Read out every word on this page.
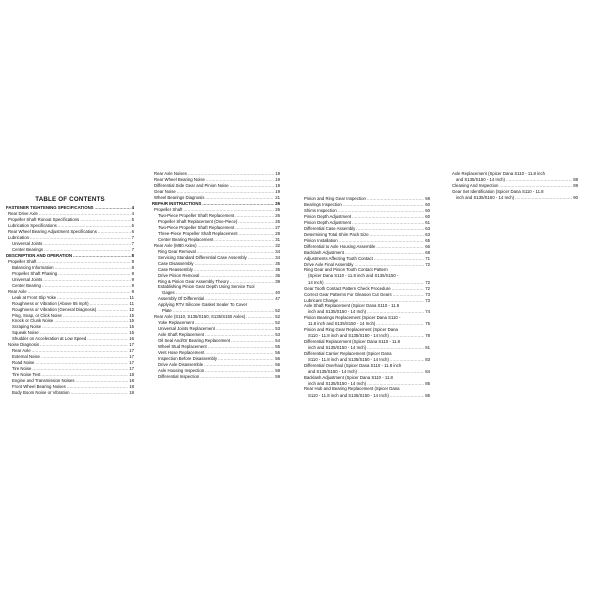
TABLE OF CONTENTS
FASTENER TIGHTENING SPECIFICATIONS .....	4
Rear Drive Axle .....	4
Propeller Shaft Runout Specifications .....	5
Lubrication Specifications .....	6
Rear Wheel Bearing Adjustment Specifications .....	6
Lubrication .....	7
Universal Joints .....	7
Center Bearings .....	7
DESCRIPTION AND OPERATION .....	8
Propeller Shaft .....	8
Balancing Information .....	8
Propeller Shaft Phasing .....	8
Universal Joints .....	9
Center Bearing .....	9
Rear Axle .....	9
Leak at Front Slip Yoke .....	11
Roughness or Vibration (Above 55 mph) .....	11
Roughness or Vibration (General Diagnosis) .....	12
Ping, Snap, or Click Noise .....	15
Knock or Clunk Noise .....	15
Scraping Noise .....	15
Squeak Noise .....	15
Shudder on Acceleration at Low Speed .....	16
Noise Diagnosis .....	17
Rear Axle .....	17
External Noise .....	17
Road Noise .....	17
Tire Noise .....	17
Tire Noise Test .....	18
Engine and Transmission Noises .....	18
Front Wheel Bearing Noises .....	18
Body Boom Noise or Vibration .....	18
Rear Axle Noises .....	19
Rear Wheel Bearing Noise .....	19
Differential Side Gear and Pinion Noise .....	19
Gear Noise .....	19
Wheel Bearings Diagnosis .....	21
REPAIR INSTRUCTIONS .....	26
Propeller Shaft .....	26
Two-Piece Propeller Shaft Replacement .....	26
Propeller Shaft Replacement (One-Piece) .....	26
Two-Piece Propeller Shaft Replacement .....	27
Three-Piece Propeller Shaft Replacement .....	28
Center Bearing Replacement .....	31
Rear Axle (M80 Axles) .....	32
Ring Gear Removal .....	34
Servicing Standard Differential Case Assembly .....	34
Case Disassembly .....	35
Case Reassembly .....	35
Drive Pinion Removal .....	36
Ring & Pinion Gear Assembly Theory .....	39
Establishing Pinion Gear Depth Using Service Tool
Gages .....	40
Assembly Of Differential .....	47
Applying RTV Silicone Gasket Sealer To Cover
Plate .....	52
Rear Axle (S110, S135/S150, S135/S150 Axles) .....	52
Yoke Replacement .....	52
Universal Joints Replacement .....	53
Axle Shaft Replacement .....	53
Oil Seal And/Or Bearing Replacement .....	54
Wheel Stud Replacement .....	55
Vent Hose Replacement .....	56
Inspection Before Disassembly .....	56
Drive Axle Disassemble .....	56
Axle Housing Inspection .....	59
Differential Inspection .....	59
Pinion and Ring Gear Inspection .....	59
Bearings Inspection .....	60
Shims Inspection .....	60
Pinion Depth Adjustment .....	60
Pinion Depth Adjustment .....	61
Differential Case Assembly .....	63
Determining Total Shim Pack Size .....	63
Pinion Installation .....	65
Differential to Axle Housing Assemble .....	66
Backlash Adjustment .....	68
Adjustments Affecting Tooth Contact .....	71
Drive Axle Final Assembly .....	72
Ring Gear and Pinion Tooth Contact Pattern
(Spicer Dana S110 - 11.8 inch and S135/S150 -
14 Inch) .....	72
Gear Tooth Contact Pattern Check Procedure .....	72
Correct Gear Patterns For Gleason Cut Gears .....	73
Lubricant Change .....	73
Axle Shaft Replacement (Spicer Dana S110 - 11.8
inch and S135/S150 - 14 Inch) .....	74
Pinion Bearings Replacement (Spicer Dana S110 -
11.8 inch and S135/S150 - 14 Inch) .....	75
Pinion and Ring Gear Replacement (Spicer Dana
S110 - 11.8 inch and S135/S150 - 14 Inch) .....	78
Differential Replacement (Spicer Dana S110 - 11.8
inch and S135/S150 - 14 Inch) .....	81
Differential Carrier Replacement (Spicer Dana
S110 - 11.8 inch and S135/S150 - 14 Inch) .....	83
Differential Overhaul (Spicer Dana S110 - 11.8 inch
and S135/S150 - 14 Inch) .....	84
Backlash Adjustment (Spicer Dana S110 - 11.8
inch and S135/S150 - 14 Inch) .....	85
Rear Hub and Bearing Replacement (Spicer Dana
S110 - 11.8 inch and S135/S150 - 14 Inch) .....	86
Axle Replacement (Spicer Dana S110 - 11.8 inch
and S135/S150 - 14 Inch) .....	88
Cleaning And Inspection .....	89
Gear Set Identification (Spicer Dana S110 - 11.8
inch and S135/S150 - 14 Inch) .....	90
